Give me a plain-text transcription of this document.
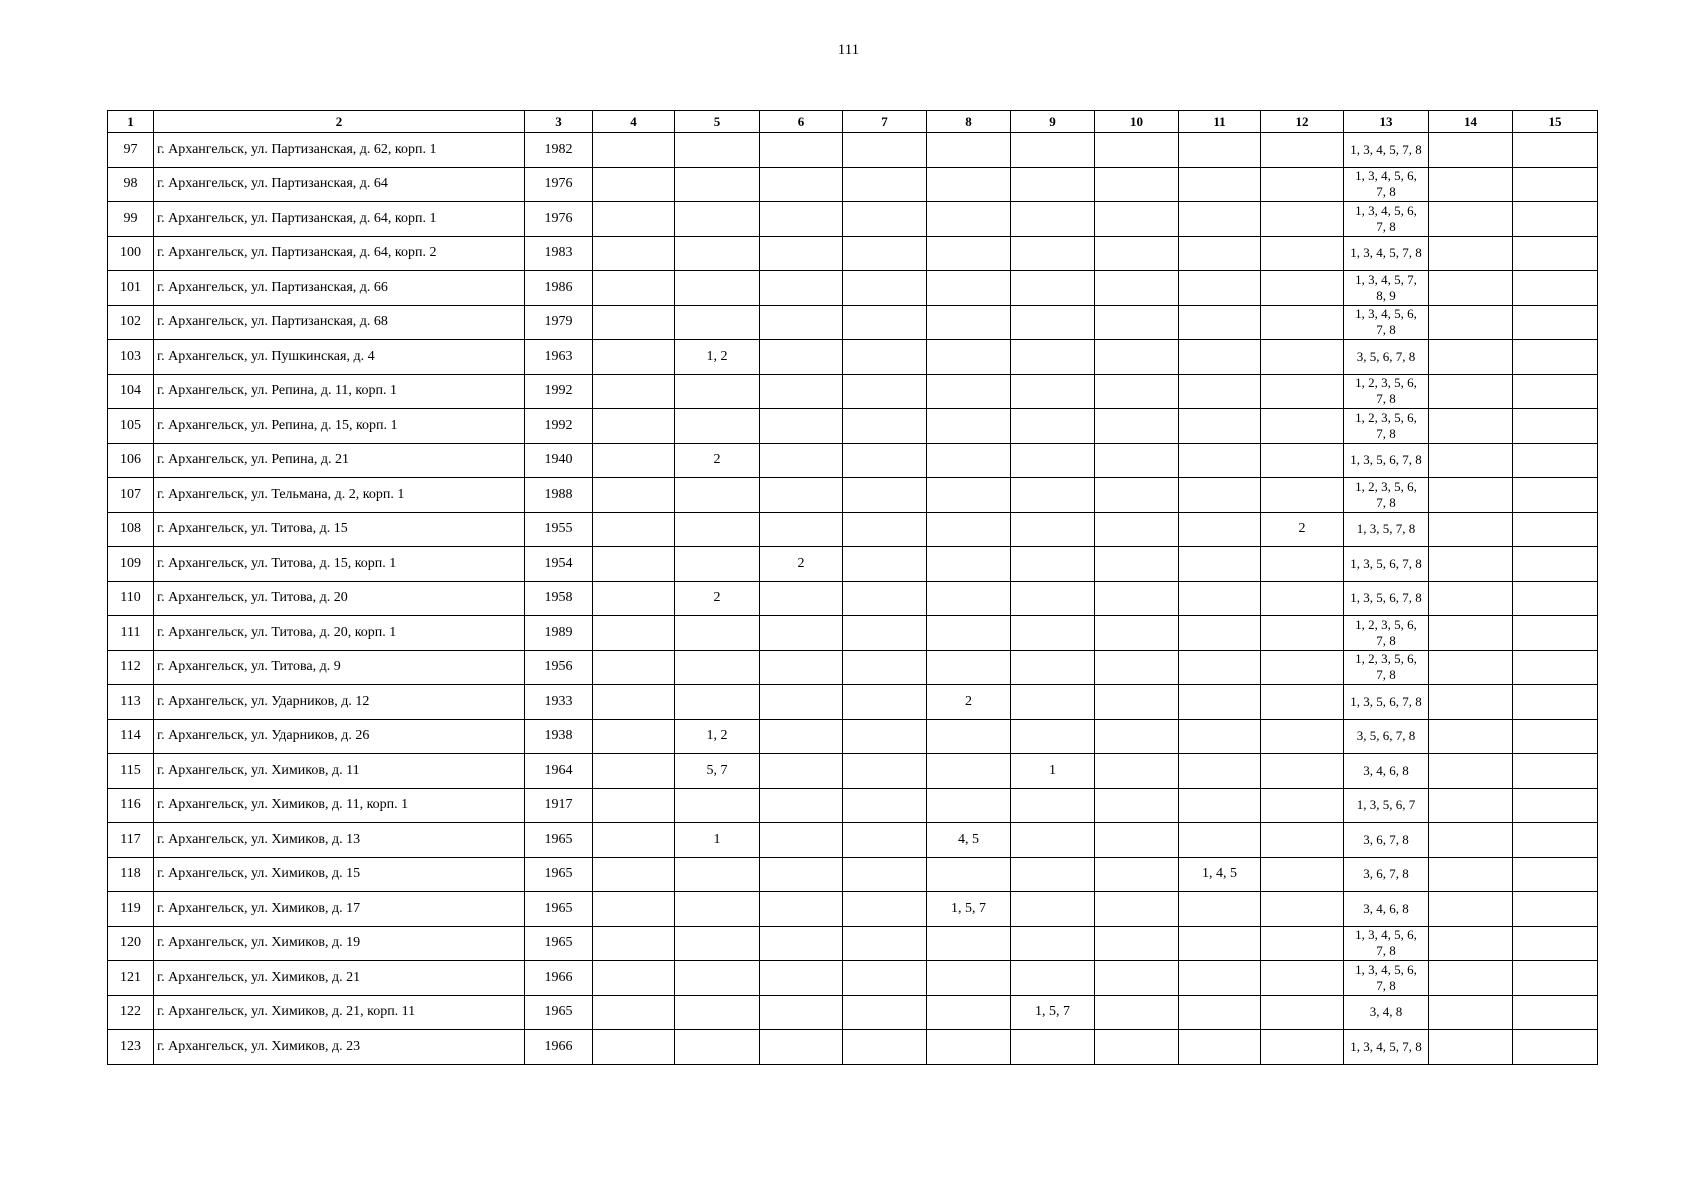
111
1	2	3	4	5	6	7	8	9	10	11	12	13	14	15
97	г. Архангельск, ул. Партизанская, д. 62, корп. 1	1982										1, 3, 4, 5, 7, 8		
98	г. Архангельск, ул. Партизанская, д. 64	1976										1, 3, 4, 5, 6, 7, 8		
99	г. Архангельск, ул. Партизанская, д. 64, корп. 1	1976										1, 3, 4, 5, 6, 7, 8		
100	г. Архангельск, ул. Партизанская, д. 64, корп. 2	1983										1, 3, 4, 5, 7, 8		
101	г. Архангельск, ул. Партизанская, д. 66	1986										1, 3, 4, 5, 7, 8, 9		
102	г. Архангельск, ул. Партизанская, д. 68	1979										1, 3, 4, 5, 6, 7, 8		
103	г. Архангельск, ул. Пушкинская, д. 4	1963		1, 2								3, 5, 6, 7, 8		
104	г. Архангельск, ул. Репина, д. 11, корп. 1	1992										1, 2, 3, 5, 6, 7, 8		
105	г. Архангельск, ул. Репина, д. 15, корп. 1	1992										1, 2, 3, 5, 6, 7, 8		
106	г. Архангельск, ул. Репина, д. 21	1940		2								1, 3, 5, 6, 7, 8		
107	г. Архангельск, ул. Тельмана, д. 2, корп. 1	1988										1, 2, 3, 5, 6, 7, 8		
108	г. Архангельск, ул. Титова, д. 15	1955									2	1, 3, 5, 7, 8		
109	г. Архангельск, ул. Титова, д. 15, корп. 1	1954			2							1, 3, 5, 6, 7, 8		
110	г. Архангельск, ул. Титова, д. 20	1958		2								1, 3, 5, 6, 7, 8		
111	г. Архангельск, ул. Титова, д. 20, корп. 1	1989										1, 2, 3, 5, 6, 7, 8		
112	г. Архангельск, ул. Титова, д. 9	1956										1, 2, 3, 5, 6, 7, 8		
113	г. Архангельск, ул. Ударников, д. 12	1933					2					1, 3, 5, 6, 7, 8		
114	г. Архангельск, ул. Ударников, д. 26	1938		1, 2								3, 5, 6, 7, 8		
115	г. Архангельск, ул. Химиков, д. 11	1964		5, 7				1				3, 4, 6, 8		
116	г. Архангельск, ул. Химиков, д. 11, корп. 1	1917										1, 3, 5, 6, 7		
117	г. Архангельск, ул. Химиков, д. 13	1965		1			4, 5					3, 6, 7, 8		
118	г. Архангельск, ул. Химиков, д. 15	1965								1, 4, 5		3, 6, 7, 8		
119	г. Архангельск, ул. Химиков, д. 17	1965					1, 5, 7					3, 4, 6, 8		
120	г. Архангельск, ул. Химиков, д. 19	1965										1, 3, 4, 5, 6, 7, 8		
121	г. Архангельск, ул. Химиков, д. 21	1966										1, 3, 4, 5, 6, 7, 8		
122	г. Архангельск, ул. Химиков, д. 21, корп. 11	1965						1, 5, 7				3, 4, 8		
123	г. Архангельск, ул. Химиков, д. 23	1966										1, 3, 4, 5, 7, 8		
